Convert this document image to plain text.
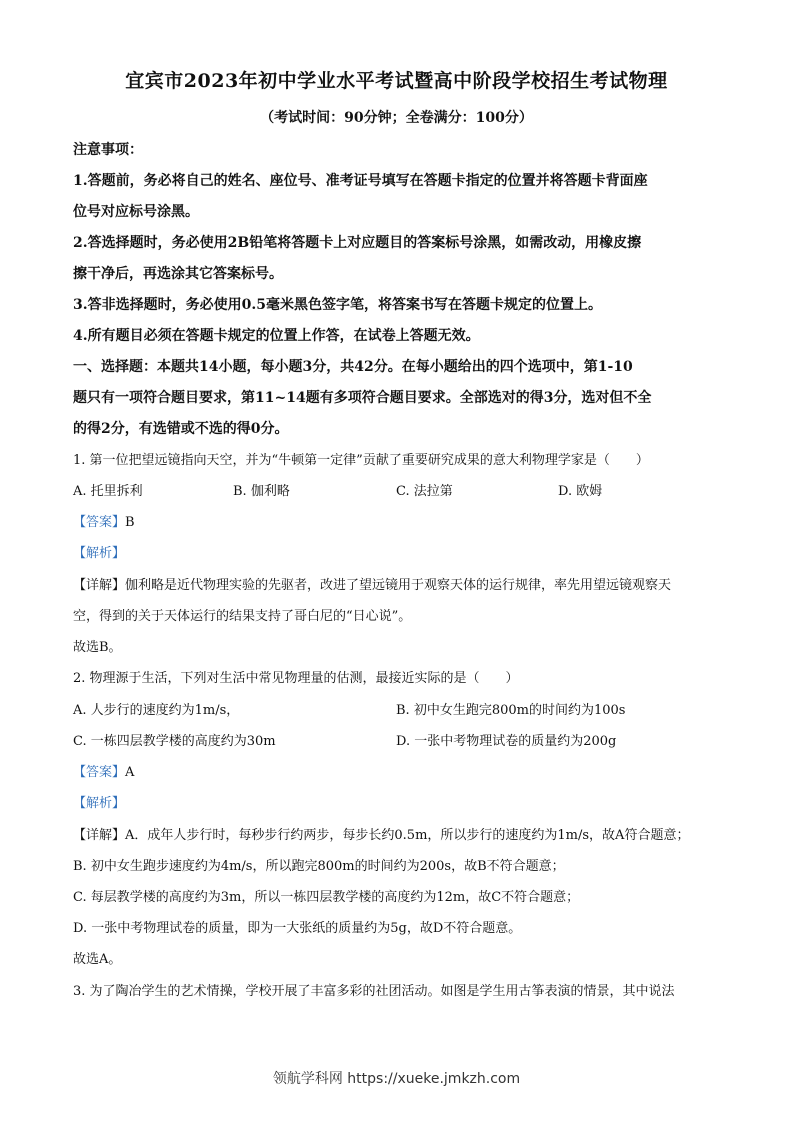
宜宾市2023年初中学业水平考试暨高中阶段学校招生考试物理
（考试时间：90分钟；全卷满分：100分）
注意事项：
1.答题前，务必将自己的姓名、座位号、准考证号填写在答题卡指定的位置并将答题卡背面座
位号对应标号涂黑。
2.答选择题时，务必使用2B铅笔将答题卡上对应题目的答案标号涂黑，如需改动，用橡皮擦
擦干净后，再选涂其它答案标号。
3.答非选择题时，务必使用0.5毫米黑色签字笔，将答案书写在答题卡规定的位置上。
4.所有题目必须在答题卡规定的位置上作答，在试卷上答题无效。
一、选择题：本题共14小题，每小题3分，共42分。在每小题给出的四个选项中，第1-10
题只有一项符合题目要求，第11~14题有多项符合题目要求。全部选对的得3分，选对但不全
的得2分，有选错或不选的得0分。
1. 第一位把望远镜指向天空，并为“牛顿第一定律”贡献了重要研究成果的意大利物理学家是（　　）
A. 托里拆利	B. 伽利略	C. 法拉第	D. 欧姆
【答案】B
【解析】
【详解】伽利略是近代物理实验的先驱者，改进了望远镜用于观察天体的运行规律，率先用望远镜观察天
空，得到的关于天体运行的结果支持了哥白尼的“日心说”。
故选B。
2. 物理源于生活，下列对生活中常见物理量的估测，最接近实际的是（　　）
A. 人步行的速度约为1m/s，	B. 初中女生跑完800m的时间约为100s
C. 一栋四层教学楼的高度约为30m	D. 一张中考物理试卷的质量约为200g
【答案】A
【解析】
【详解】A．成年人步行时，每秒步行约两步，每步长约0.5m，所以步行的速度约为1m/s，故A符合题意；
B. 初中女生跑步速度约为4m/s，所以跑完800m的时间约为200s，故B不符合题意；
C. 每层教学楼的高度约为3m，所以一栋四层教学楼的高度约为12m，故C不符合题意；
D. 一张中考物理试卷的质量，即为一大张纸的质量约为5g，故D不符合题意。
故选A。
3. 为了陶冶学生的艺术情操，学校开展了丰富多彩的社团活动。如图是学生用古筝表演的情景，其中说法
领航学科网 https://xueke.jmkzh.com
